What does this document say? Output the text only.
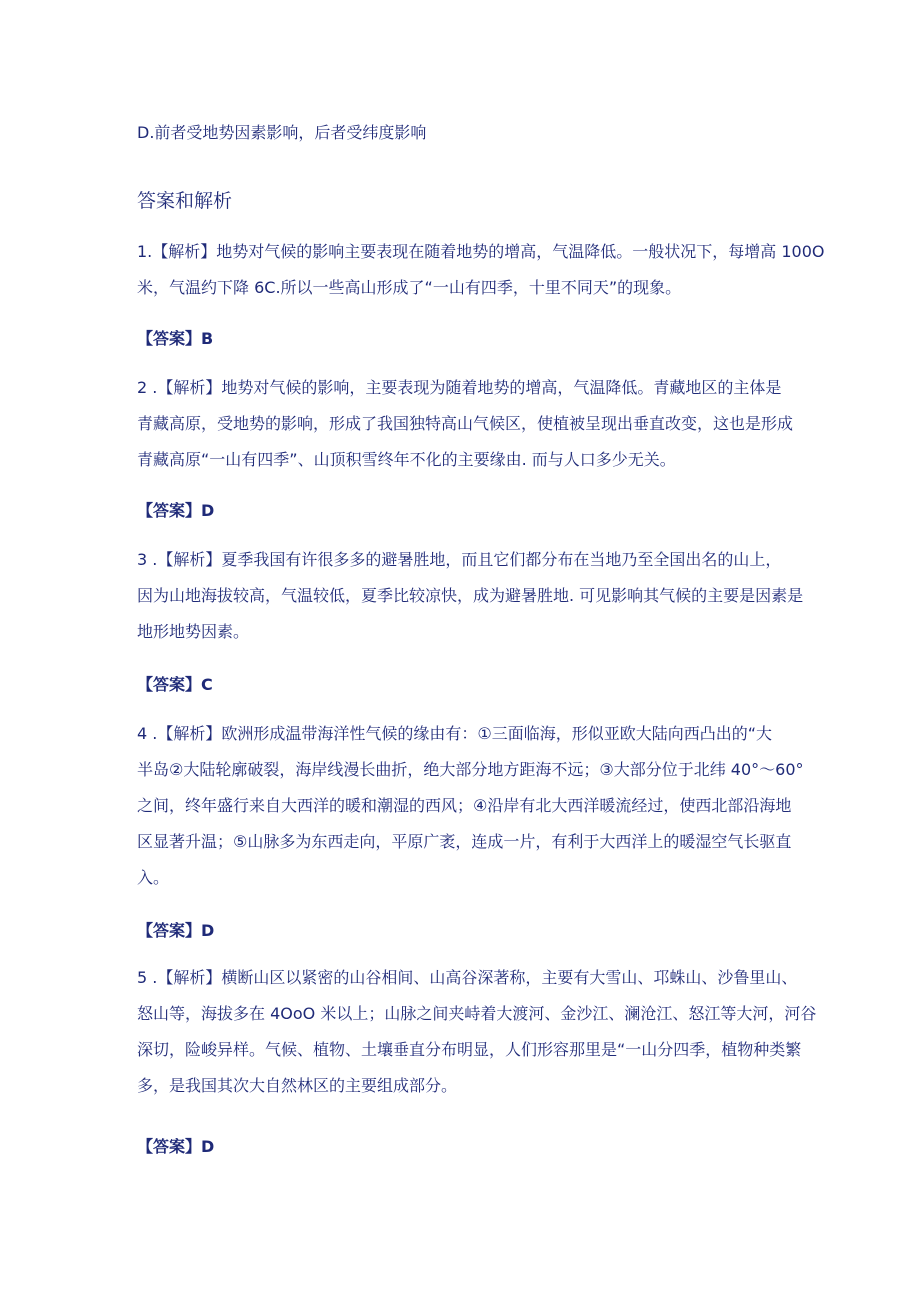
D.前者受地势因素影响，后者受纬度影响
答案和解析
1.【解析】地势对气候的影响主要表现在随着地势的增高，气温降低。一般状况下，每增高 100O
米，气温约下降 6C.所以一些高山形成了“一山有四季，十里不同天”的现象。
【答案】B
2 .【解析】地势对气候的影响，主要表现为随着地势的增高，气温降低。青藏地区的主体是
青藏高原，受地势的影响，形成了我国独特高山气候区，使植被呈现出垂直改变，这也是形成
青藏高原“一山有四季”、山顶积雪终年不化的主要缘由. 而与人口多少无关。
【答案】D
3 .【解析】夏季我国有许很多多的避暑胜地，而且它们都分布在当地乃至全国出名的山上，
因为山地海拔较高，气温较低，夏季比较凉快，成为避暑胜地. 可见影响其气候的主要是因素是
地形地势因素。
【答案】C
4 .【解析】欧洲形成温带海洋性气候的缘由有：①三面临海，形似亚欧大陆向西凸出的“大
半岛②大陆轮廓破裂，海岸线漫长曲折，绝大部分地方距海不远；③大部分位于北纬 40°～60°
之间，终年盛行来自大西洋的暖和潮湿的西风；④沿岸有北大西洋暖流经过，使西北部沿海地
区显著升温；⑤山脉多为东西走向，平原广袤，连成一片，有利于大西洋上的暖湿空气长驱直
入。
【答案】D
5 .【解析】横断山区以紧密的山谷相间、山高谷深著称，主要有大雪山、邛蛛山、沙鲁里山、
怒山等，海拔多在 4OoO 米以上；山脉之间夹峙着大渡河、金沙江、澜沧江、怒江等大河，河谷
深切，险峻异样。气候、植物、土壤垂直分布明显，人们形容那里是“一山分四季，植物种类繁
多，是我国其次大自然林区的主要组成部分。
【答案】D
